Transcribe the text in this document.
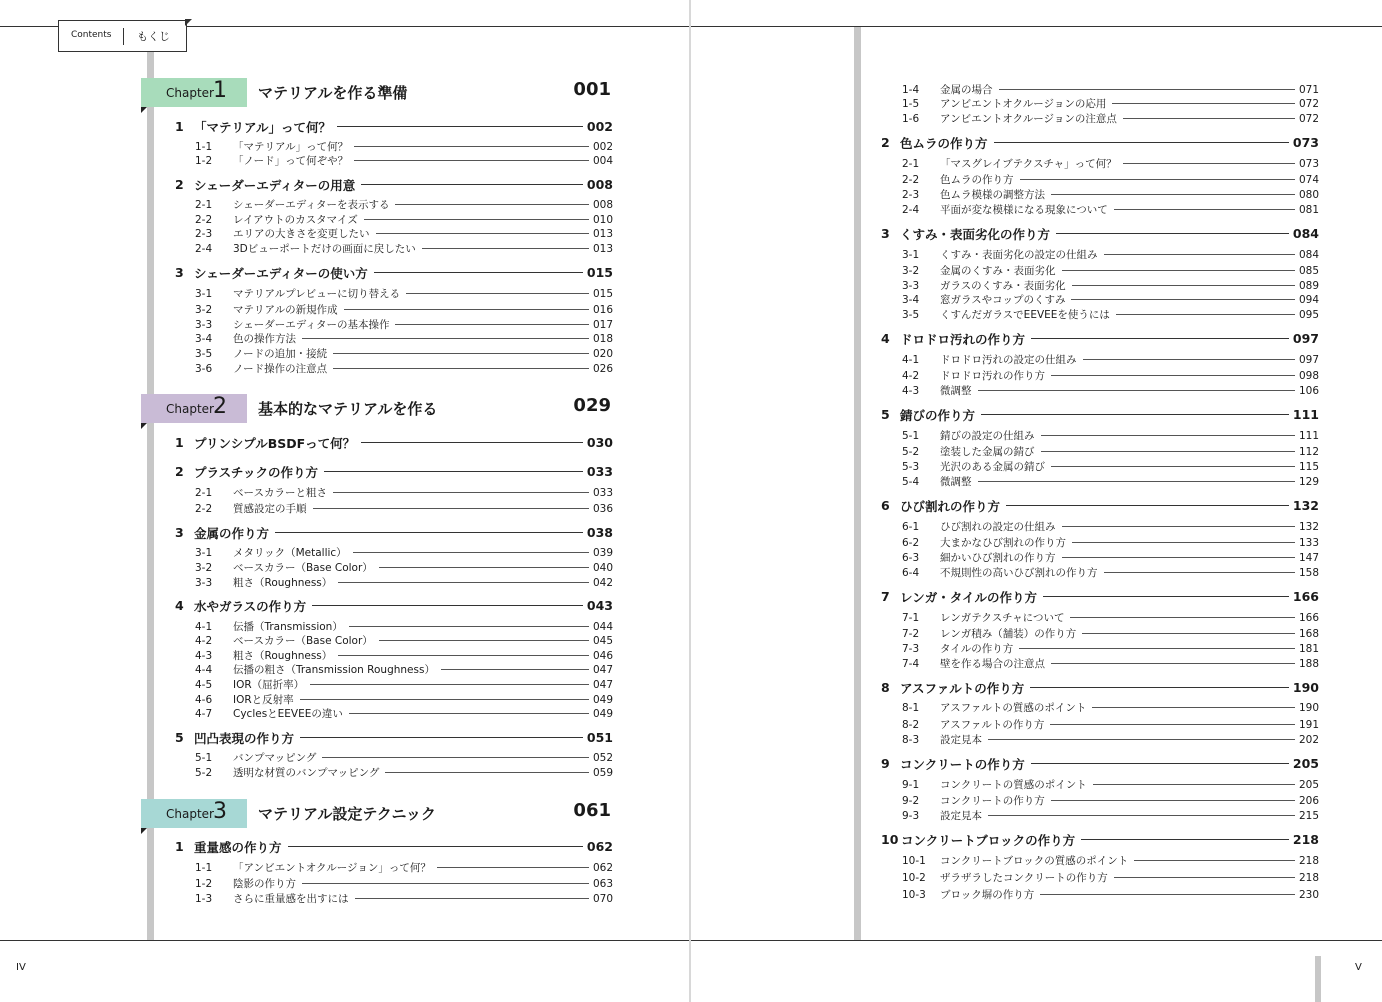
Contents もくじ
Chapter 1 マテリアルを作る準備	001
1 「マテリアル」って何？	002
1-1	「マテリアル」って何？	002
1-2	「ノード」って何ぞや？	004
2 シェーダーエディターの用意	008
2-1	シェーダーエディターを表示する	008
2-2	レイアウトのカスタマイズ	010
2-3	エリアの大きさを変更したい	013
2-4	3Dビューポートだけの画面に戻したい	013
3 シェーダーエディターの使い方	015
3-1	マテリアルプレビューに切り替える	015
3-2	マテリアルの新規作成	016
3-3	シェーダーエディターの基本操作	017
3-4	色の操作方法	018
3-5	ノードの追加・接続	020
3-6	ノード操作の注意点	026
Chapter 2 基本的なマテリアルを作る	029
1 プリンシプルBSDFって何？	030
2 プラスチックの作り方	033
2-1	ベースカラーと粗さ	033
2-2	質感設定の手順	036
3 金属の作り方	038
3-1	メタリック（Metallic）	039
3-2	ベースカラー（Base Color）	040
3-3	粗さ（Roughness）	042
4 水やガラスの作り方	043
4-1	伝播（Transmission）	044
4-2	ベースカラー（Base Color）	045
4-3	粗さ（Roughness）	046
4-4	伝播の粗さ（Transmission Roughness）	047
4-5	IOR（屈折率）	047
4-6	IORと反射率	049
4-7	CyclesとEEVEEの違い	049
5 凹凸表現の作り方	051
5-1	バンプマッピング	052
5-2	透明な材質のバンプマッピング	059
Chapter 3 マテリアル設定テクニック	061
1 重量感の作り方	062
1-1	「アンビエントオクルージョン」って何？	062
1-2	陰影の作り方	063
1-3	さらに重量感を出すには	070
IV
1-4	金属の場合	071
1-5	アンビエントオクルージョンの応用	072
1-6	アンビエントオクルージョンの注意点	072
2 色ムラの作り方	073
2-1	「マスグレイブテクスチャ」って何？	073
2-2	色ムラの作り方	074
2-3	色ムラ模様の調整方法	080
2-4	平面が変な模様になる現象について	081
3 くすみ・表面劣化の作り方	084
3-1	くすみ・表面劣化の設定の仕組み	084
3-2	金属のくすみ・表面劣化	085
3-3	ガラスのくすみ・表面劣化	089
3-4	窓ガラスやコップのくすみ	094
3-5	くすんだガラスでEEVEEを使うには	095
4 ドロドロ汚れの作り方	097
4-1	ドロドロ汚れの設定の仕組み	097
4-2	ドロドロ汚れの作り方	098
4-3	微調整	106
5 錆びの作り方	111
5-1	錆びの設定の仕組み	111
5-2	塗装した金属の錆び	112
5-3	光沢のある金属の錆び	115
5-4	微調整	129
6 ひび割れの作り方	132
6-1	ひび割れの設定の仕組み	132
6-2	大まかなひび割れの作り方	133
6-3	細かいひび割れの作り方	147
6-4	不規則性の高いひび割れの作り方	158
7 レンガ・タイルの作り方	166
7-1	レンガテクスチャについて	166
7-2	レンガ積み（舗装）の作り方	168
7-3	タイルの作り方	181
7-4	壁を作る場合の注意点	188
8 アスファルトの作り方	190
8-1	アスファルトの質感のポイント	190
8-2	アスファルトの作り方	191
8-3	設定見本	202
9 コンクリートの作り方	205
9-1	コンクリートの質感のポイント	205
9-2	コンクリートの作り方	206
9-3	設定見本	215
10 コンクリートブロックの作り方	218
10-1	コンクリートブロックの質感のポイント	218
10-2	ザラザラしたコンクリートの作り方	218
10-3	ブロック塀の作り方	230
V
